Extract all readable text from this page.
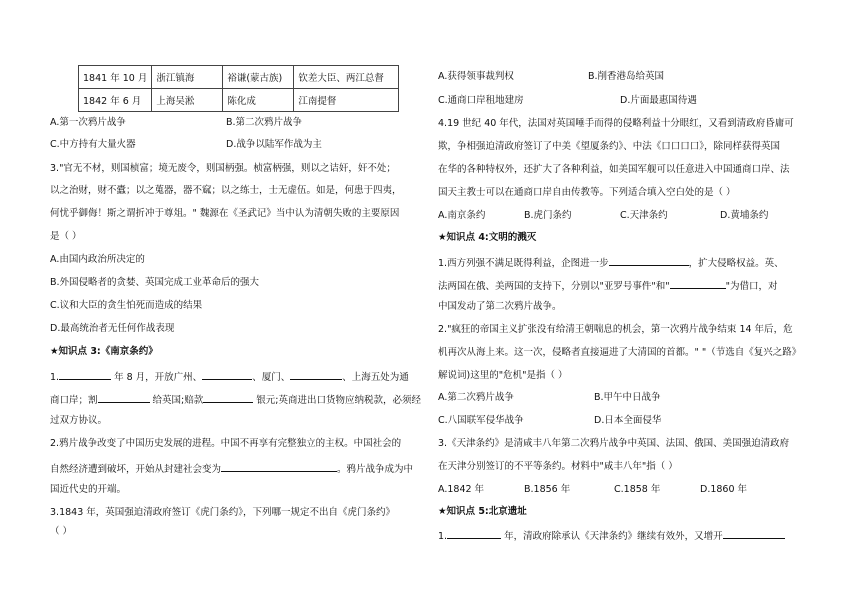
1841 年 10 月	浙江镇海	裕谦(蒙古族)	钦差大臣、两江总督
1842 年 6 月	上海吴淞	陈化成	江南提督
A.第一次鸦片战争	B.第二次鸦片战争
C.中方持有大量火器	D.战争以陆军作战为主
3."官无不材，则国桢富；境无废令，则国柄强。桢富柄强，则以之诘奸，奸不处；
以之治财，财不蠹；以之蒐器，器不窳；以之练士，士无虚伍。如是，何患于四夷，
何忧乎御侮！斯之谓折冲于尊俎。" 魏源在《圣武记》当中认为清朝失败的主要原因
是（ ）
A.由国内政治所决定的
B.外国侵略者的贪婪、英国完成工业革命后的强大
C.议和大臣的贪生怕死而造成的结果
D.最高统治者无任何作战表现
★知识点 3:《南京条约》
1.	年 8 月，开放广州、	、厦门、	、上海五处为通
商口岸；割	给英国;赔款	银元;英商进出口货物应纳税款，必须经
过双方协议。
2.鸦片战争改变了中国历史发展的进程。中国不再享有完整独立的主权。中国社会的
自然经济遭到破坏，开始从封建社会变为	。鸦片战争成为中
国近代史的开端。
3.1843 年，英国强迫清政府签订《虎门条约》，下列哪一规定不出自《虎门条约》
（ ）
A.获得领事裁判权	B.削香港岛给英国
C.通商口岸租地建房	D.片面最惠国待遇
4.19 世纪 40 年代，法国对英国唾手而得的侵略利益十分眼红，又看到清政府昏庸可
欺，争相强迫清政府签订了中美《望厦条约》、中法《口口口口》，除同样获得英国
在华的各种特权外，还扩大了各种利益，如美国军舰可以任意进入中国通商口岸、法
国天主教士可以在通商口岸自由传教等。下列适合填入空白处的是（ ）
A.南京条约	B.虎门条约	C.天津条约	D.黄埔条约
★知识点 4:文明的溅灭
1.西方列强不满足既得利益，企图进一步	，扩大侵略权益。英、
法两国在俄、美两国的支持下，分别以"亚罗号事件"和"	"为借口，对
中国发动了第二次鸦片战争。
2."疯狂的帝国主义扩张没有给清王朝喘息的机会，第一次鸦片战争结束 14 年后，危
机再次从海上来。这一次，侵略者直接逼进了大清国的首都。" "（节选自《复兴之路》
解说词)这里的"危机"是指（ ）
A.第二次鸦片战争	B.甲午中日战争
C.八国联军侵华战争	D.日本全面侵华
3.《天津条约》是清咸丰八年第二次鸦片战争中英国、法国、俄国、美国强迫清政府
在天津分别签订的不平等条约。材料中"咸丰八年"指（ ）
A.1842 年	B.1856 年	C.1858 年	D.1860 年
★知识点 5:北京遗址
1.	年，清政府除承认《天津条约》继续有效外，又增开
